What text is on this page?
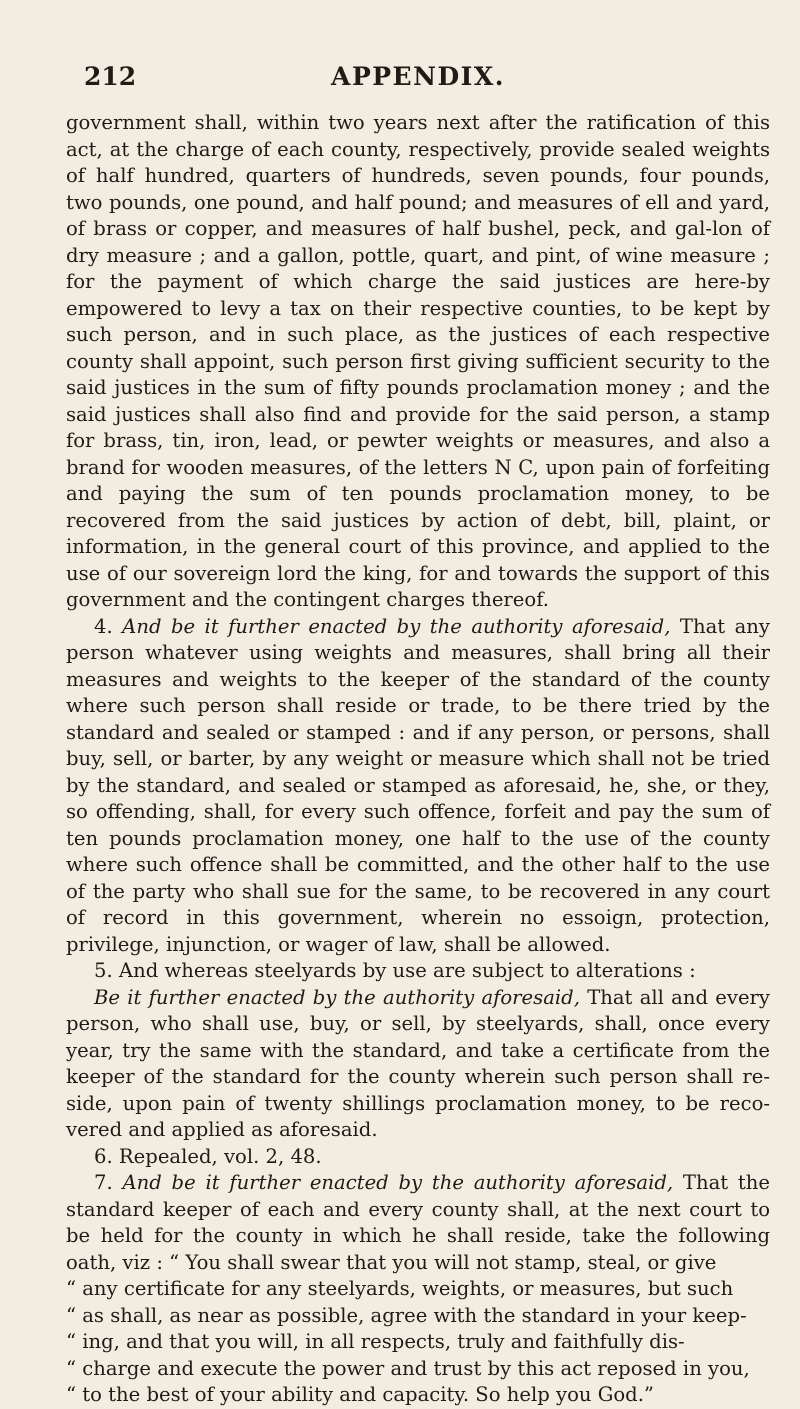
212	APPENDIX.

government shall, within two years next after the ratification of this act, at the charge of each county, respectively, provide sealed weights of half hundred, quarters of hundreds, seven pounds, four pounds, two pounds, one pound, and half pound; and measures of ell and yard, of brass or copper, and measures of half bushel, peck, and gal-lon of dry measure ; and a gallon, pottle, quart, and pint, of wine measure ; for the payment of which charge the said justices are here-by empowered to levy a tax on their respective counties, to be kept by such person, and in such place, as the justices of each respective county shall appoint, such person first giving sufficient security to the said justices in the sum of fifty pounds proclamation money ; and the said justices shall also find and provide for the said person, a stamp for brass, tin, iron, lead, or pewter weights or measures, and also a brand for wooden measures, of the letters N C, upon pain of forfeiting and paying the sum of ten pounds proclamation money, to be recovered from the said justices by action of debt, bill, plaint, or information, in the general court of this province, and applied to the use of our sovereign lord the king, for and towards the support of this government and the contingent charges thereof.

4. And be it further enacted by the authority aforesaid, That any person whatever using weights and measures, shall bring all their measures and weights to the keeper of the standard of the county where such person shall reside or trade, to be there tried by the standard and sealed or stamped : and if any person, or persons, shall buy, sell, or barter, by any weight or measure which shall not be tried by the standard, and sealed or stamped as aforesaid, he, she, or they, so offending, shall, for every such offence, forfeit and pay the sum of ten pounds proclamation money, one half to the use of the county where such offence shall be committed, and the other half to the use of the party who shall sue for the same, to be recovered in any court of record in this government, wherein no essoign, protection, privilege, injunction, or wager of law, shall be allowed.

5. And whereas steelyards by use are subject to alterations :

Be it further enacted by the authority aforesaid, That all and every person, who shall use, buy, or sell, by steelyards, shall, once every year, try the same with the standard, and take a certificate from the keeper of the standard for the county wherein such person shall re-side, upon pain of twenty shillings proclamation money, to be reco-vered and applied as aforesaid.

6. Repealed, vol. 2, 48.

7. And be it further enacted by the authority aforesaid, That the standard keeper of each and every county shall, at the next court to be held for the county in which he shall reside, take the following oath, viz : “ You shall swear that you will not stamp, steal, or give

“ any certificate for any steelyards, weights, or measures, but such

“ as shall, as near as possible, agree with the standard in your keep-

“ ing, and that you will, in all respects, truly and faithfully dis-

“ charge and execute the power and trust by this act reposed in you,

“ to the best of your ability and capacity. So help you God.”
